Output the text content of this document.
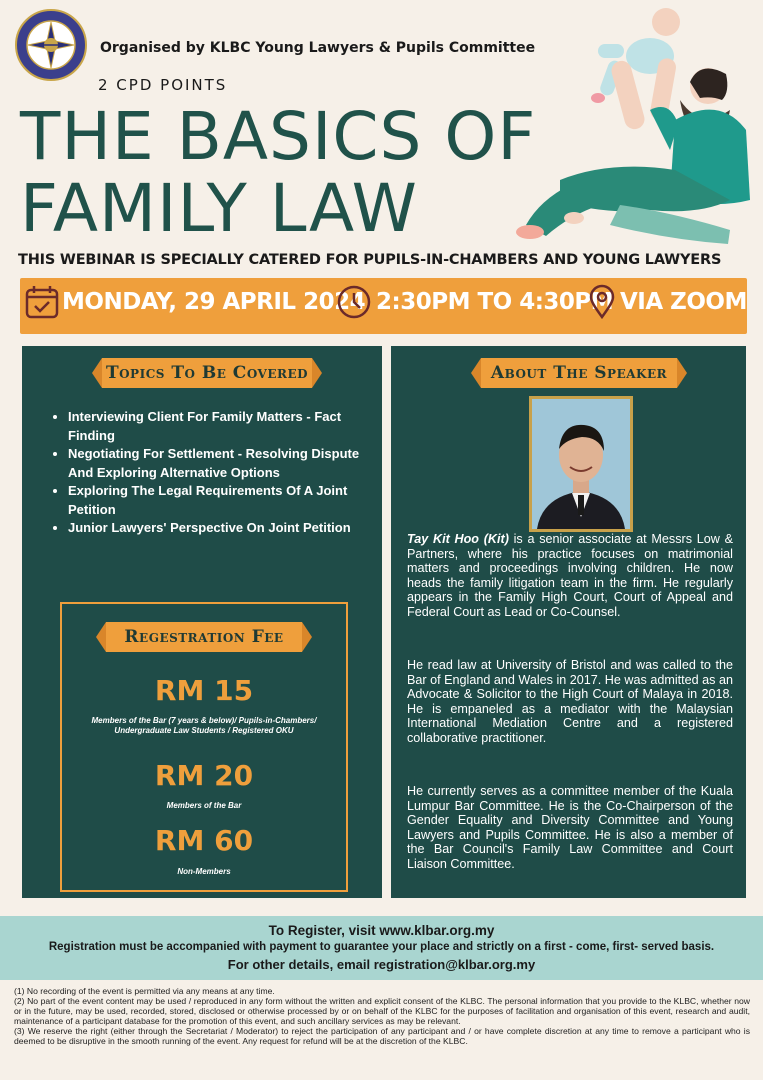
Organised by KLBC Young Lawyers & Pupils Committee
2 CPD POINTS
THE BASICS OF
FAMILY LAW
THIS WEBINAR IS SPECIALLY CATERED FOR PUPILS-IN-CHAMBERS AND YOUNG LAWYERS
MONDAY, 29 APRIL 2024 2:30PM TO 4:30PM VIA ZOOM
Topics To Be Covered
• Interviewing Client For Family Matters - Fact Finding
• Negotiating For Settlement - Resolving Dispute And Exploring Alternative Options
• Exploring The Legal Requirements Of A Joint Petition
• Junior Lawyers' Perspective On Joint Petition
Regestration Fee
RM 15
Members of the Bar (7 years & below)/ Pupils-in-Chambers/ Undergraduate Law Students / Registered OKU
RM 20
Members of the Bar
RM 60
Non-Members
About The Speaker

Tay Kit Hoo (Kit) is a senior associate at Messrs Low & Partners, where his practice focuses on matrimonial matters and proceedings involving children. He now heads the family litigation team in the firm. He regularly appears in the Family High Court, Court of Appeal and Federal Court as Lead or Co-Counsel.

He read law at University of Bristol and was called to the Bar of England and Wales in 2017. He was admitted as an Advocate & Solicitor to the High Court of Malaya in 2018. He is empaneled as a mediator with the Malaysian International Mediation Centre and a registered collaborative practitioner.

He currently serves as a committee member of the Kuala Lumpur Bar Committee. He is the Co-Chairperson of the Gender Equality and Diversity Committee and Young Lawyers and Pupils Committee. He is also a member of the Bar Council's Family Law Committee and Court Liaison Committee.

To Register, visit www.klbar.org.my
Registration must be accompanied with payment to guarantee your place and strictly on a first - come, first- served basis.
For other details, email registration@klbar.org.my

(1) No recording of the event is permitted via any means at any time.

(2) No part of the event content may be used / reproduced in any form without the written and explicit consent of the KLBC. The personal information that you provide to the KLBC, whether now or in the future, may be used, recorded, stored, disclosed or otherwise processed by or on behalf of the KLBC for the purposes of facilitation and organisation of this event, research and audit, maintenance of a participant database for the promotion of this event, and such ancillary services as may be relevant.

(3) We reserve the right (either through the Secretariat / Moderator) to reject the participation of any participant and / or have complete discretion at any time to remove a participant who is deemed to be disruptive in the smooth running of the event. Any request for refund will be at the discretion of the KLBC.
